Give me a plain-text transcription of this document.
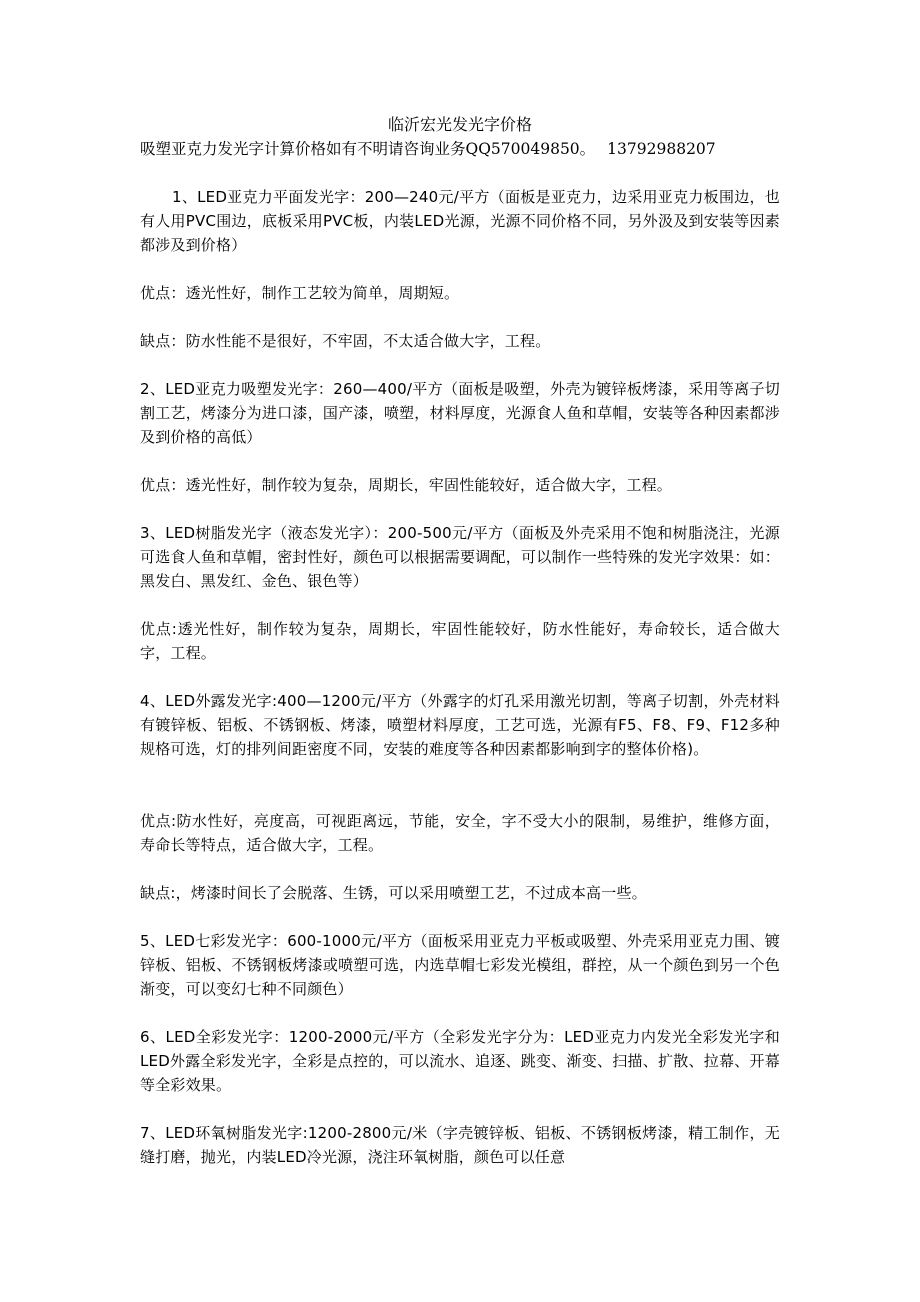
临沂宏光发光字价格
吸塑亚克力发光字计算价格如有不明请咨询业务QQ570049850。 13792988207
1、LED亚克力平面发光字：200—240元/平方（面板是亚克力，边采用亚克力板围边，也有人用PVC围边，底板采用PVC板，内装LED光源，光源不同价格不同，另外汲及到安装等因素都涉及到价格）
优点：透光性好，制作工艺较为简单，周期短。
缺点：防水性能不是很好，不牢固，不太适合做大字，工程。
2、LED亚克力吸塑发光字：260—400/平方（面板是吸塑，外壳为镀锌板烤漆，采用等离子切割工艺，烤漆分为进口漆，国产漆，喷塑，材料厚度，光源食人鱼和草帽，安装等各种因素都涉及到价格的高低）
优点：透光性好，制作较为复杂，周期长，牢固性能较好，适合做大字，工程。
3、LED树脂发光字（液态发光字）：200-500元/平方（面板及外壳采用不饱和树脂浇注，光源可选食人鱼和草帽，密封性好，颜色可以根据需要调配，可以制作一些特殊的发光字效果：如：黑发白、黑发红、金色、银色等）
优点:透光性好，制作较为复杂，周期长，牢固性能较好，防水性能好，寿命较长，适合做大字，工程。
4、LED外露发光字:400—1200元/平方（外露字的灯孔采用激光切割，等离子切割，外壳材料有镀锌板、铝板、不锈钢板、烤漆，喷塑材料厚度，工艺可选，光源有F5、F8、F9、F12多种规格可选，灯的排列间距密度不同，安装的难度等各种因素都影响到字的整体价格)。
优点:防水性好，亮度高，可视距离远，节能，安全，字不受大小的限制，易维护，维修方面，寿命长等特点，适合做大字，工程。
缺点:，烤漆时间长了会脱落、生锈，可以采用喷塑工艺，不过成本高一些。
5、LED七彩发光字：600-1000元/平方（面板采用亚克力平板或吸塑、外壳采用亚克力围、镀锌板、铝板、不锈钢板烤漆或喷塑可选，内选草帽七彩发光模组，群控，从一个颜色到另一个色渐变，可以变幻七种不同颜色）
6、LED全彩发光字：1200-2000元/平方（全彩发光字分为：LED亚克力内发光全彩发光字和LED外露全彩发光字，全彩是点控的，可以流水、追逐、跳变、渐变、扫描、扩散、拉幕、开幕等全彩效果。
7、LED环氧树脂发光字:1200-2800元/米（字壳镀锌板、铝板、不锈钢板烤漆，精工制作，无缝打磨，抛光，内装LED冷光源，浇注环氧树脂，颜色可以任意
